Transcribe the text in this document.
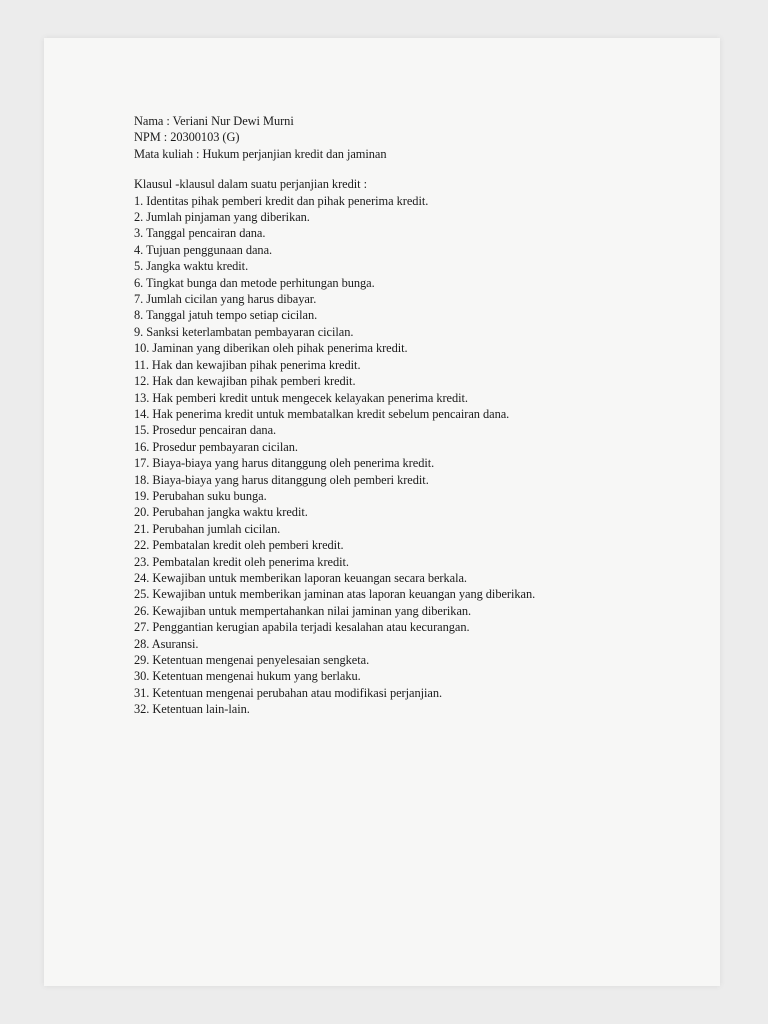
Nama : Veriani Nur Dewi Murni

NPM : 20300103 (G)

Mata kuliah : Hukum perjanjian kredit dan jaminan

Klausul -klausul dalam suatu perjanjian kredit :

1. Identitas pihak pemberi kredit dan pihak penerima kredit.

2. Jumlah pinjaman yang diberikan.

3. Tanggal pencairan dana.

4. Tujuan penggunaan dana.

5. Jangka waktu kredit.

6. Tingkat bunga dan metode perhitungan bunga.

7. Jumlah cicilan yang harus dibayar.

8. Tanggal jatuh tempo setiap cicilan.

9. Sanksi keterlambatan pembayaran cicilan.

10. Jaminan yang diberikan oleh pihak penerima kredit.

11. Hak dan kewajiban pihak penerima kredit.

12. Hak dan kewajiban pihak pemberi kredit.

13. Hak pemberi kredit untuk mengecek kelayakan penerima kredit.

14. Hak penerima kredit untuk membatalkan kredit sebelum pencairan dana.

15. Prosedur pencairan dana.

16. Prosedur pembayaran cicilan.

17. Biaya-biaya yang harus ditanggung oleh penerima kredit.

18. Biaya-biaya yang harus ditanggung oleh pemberi kredit.

19. Perubahan suku bunga.

20. Perubahan jangka waktu kredit.

21. Perubahan jumlah cicilan.

22. Pembatalan kredit oleh pemberi kredit.

23. Pembatalan kredit oleh penerima kredit.

24. Kewajiban untuk memberikan laporan keuangan secara berkala.

25. Kewajiban untuk memberikan jaminan atas laporan keuangan yang diberikan.

26. Kewajiban untuk mempertahankan nilai jaminan yang diberikan.

27. Penggantian kerugian apabila terjadi kesalahan atau kecurangan.

28. Asuransi.

29. Ketentuan mengenai penyelesaian sengketa.

30. Ketentuan mengenai hukum yang berlaku.

31. Ketentuan mengenai perubahan atau modifikasi perjanjian.

32. Ketentuan lain-lain.
